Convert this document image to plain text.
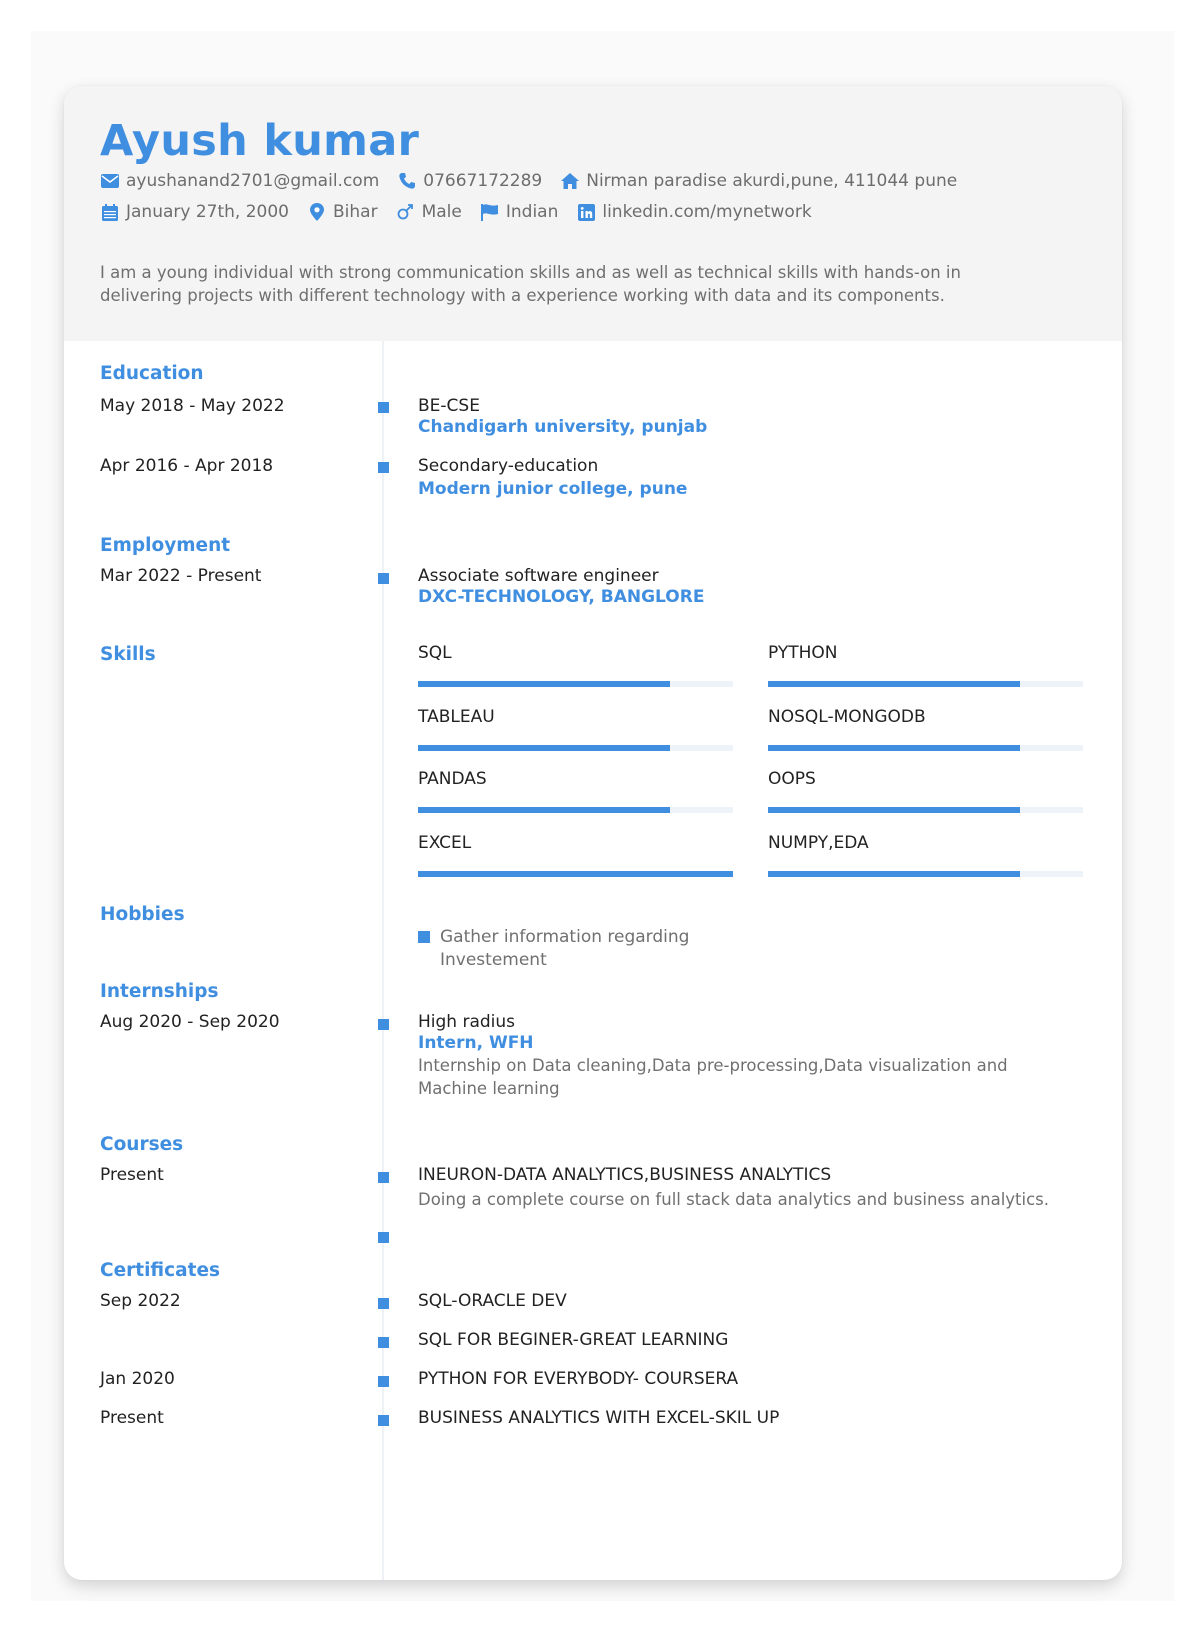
Ayush kumar
ayushanand2701@gmail.com	07667172289	Nirman paradise akurdi,pune, 411044 pune
January 27th, 2000	Bihar	Male	Indian	linkedin.com/mynetwork
I am a young individual with strong communication skills and as well as technical skills with hands-on in delivering projects with different technology with a experience working with data and its components.
Education
May 2018 - May 2022	BE-CSE
Chandigarh university, punjab
Apr 2016 - Apr 2018	Secondary-education
Modern junior college, pune
Employment
Mar 2022 - Present	Associate software engineer
DXC-TECHNOLOGY, BANGLORE
Skills
Hobbies
Gather information regarding Investement
Internships
Aug 2020 - Sep 2020	High radius
Intern, WFH
Internship on Data cleaning,Data pre-processing,Data visualization and Machine learning
Courses
Present	INEURON-DATA ANALYTICS,BUSINESS ANALYTICS
Doing a complete course on full stack data analytics and business analytics.
Certificates
Sep 2022	SQL-ORACLE DEV
SQL FOR BEGINER-GREAT LEARNING
Jan 2020	PYTHON FOR EVERYBODY- COURSERA
Present	BUSINESS ANALYTICS WITH EXCEL-SKIL UP
SQL	PYTHON
TABLEAU	NOSQL-MONGODB
PANDAS	OOPS
EXCEL	NUMPY,EDA
